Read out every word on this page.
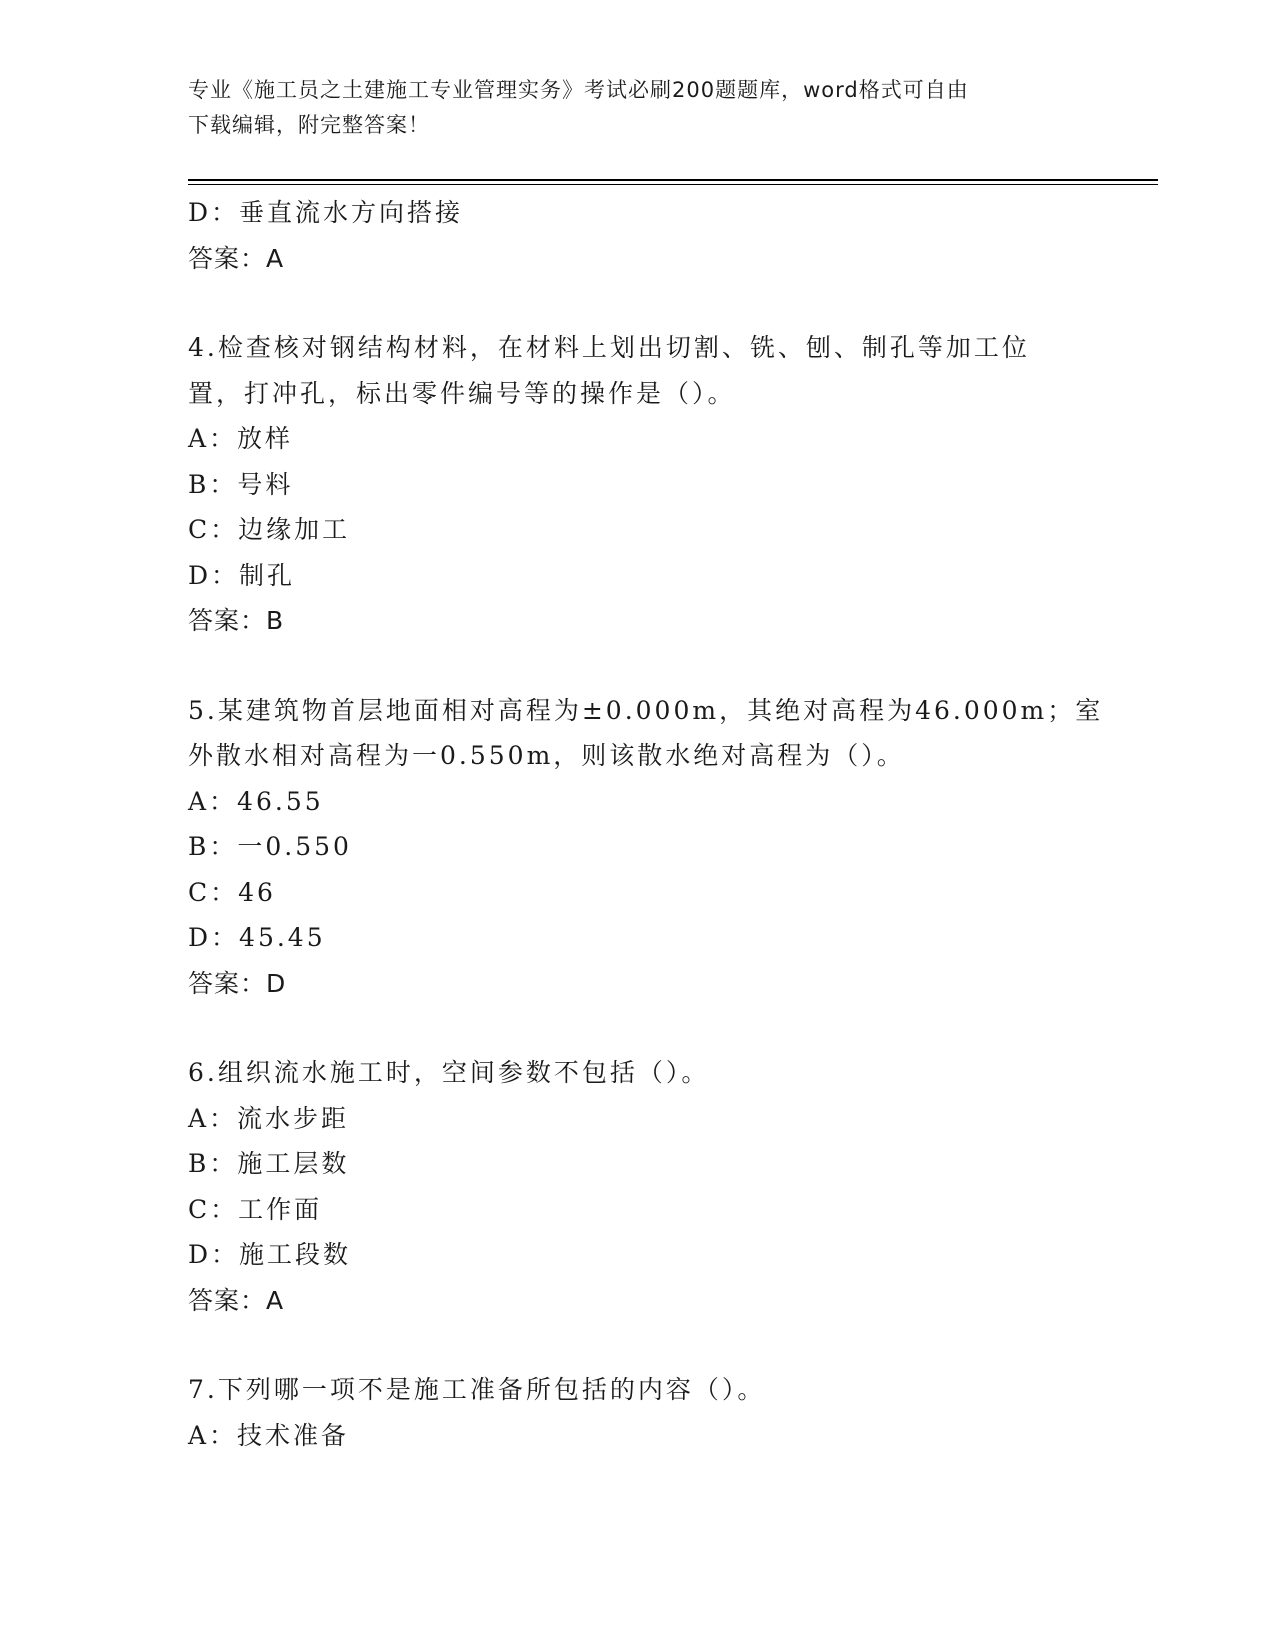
专业《施工员之土建施工专业管理实务》考试必刷200题题库，word格式可自由
下载编辑，附完整答案！
D：垂直流水方向搭接
答案：A
4.检查核对钢结构材料，在材料上划出切割、铣、刨、制孔等加工位
置，打冲孔，标出零件编号等的操作是（）。
A：放样
B：号料
C：边缘加工
D：制孔
答案：B
5.某建筑物首层地面相对高程为±0.000m，其绝对高程为46.000m；室
外散水相对高程为一0.550m，则该散水绝对高程为（）。
A：46.55
B：一0.550
C：46
D：45.45
答案：D
6.组织流水施工时，空间参数不包括（）。
A：流水步距
B：施工层数
C：工作面
D：施工段数
答案：A
7.下列哪一项不是施工准备所包括的内容（）。
A：技术准备
